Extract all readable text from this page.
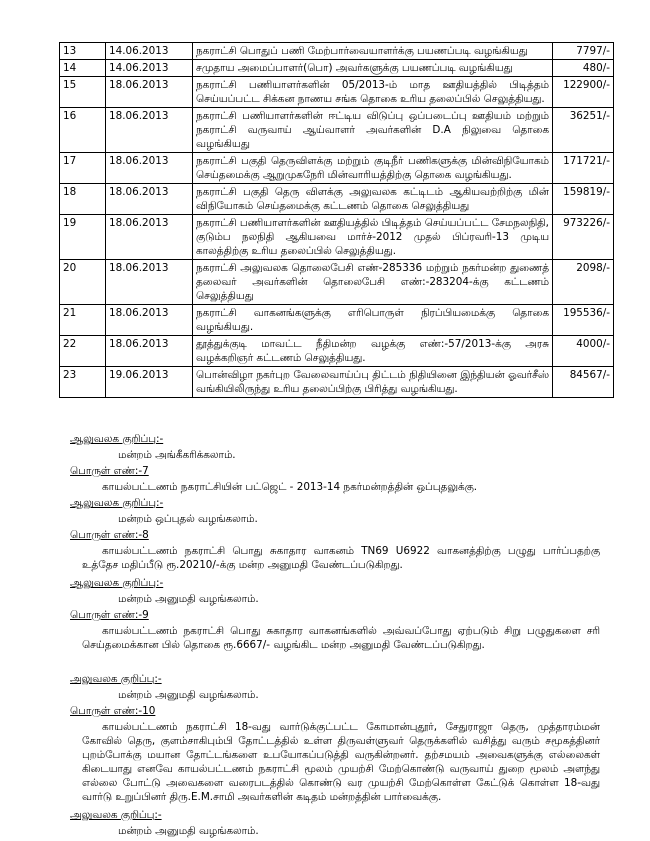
13	14.06.2013	நகராட்சி பொதுப் பணி மேற்பார்வையாளர்க்கு பயணப்படி வழங்கியது	7797/-
14	14.06.2013	சமுதாய அமைப்பாளர்(பொ) அவர்களுக்கு பயணப்படி வழங்கியது	480/-
15	18.06.2013	நகராட்சி பணியாளர்களின் 05/2013-ம் மாத ஊதியத்தில் பிடித்தம் செய்யப்பட்ட சிக்கன நாணய சங்க தொகை உரிய தலைப்பில் செலுத்தியது.	122900/-
16	18.06.2013	நகராட்சி பணியாளர்களின் ஈட்டிய விடுப்பு ஒப்படைப்பு ஊதியம் மற்றும் நகராட்சி வருவாய் ஆய்வாளர் அவர்களின் D.A நிலுவை தொகை வழங்கியது	36251/-
17	18.06.2013	நகராட்சி பகுதி தெருவிளக்கு மற்றும் குடிநீர் பணிகளுக்கு மின்விநியோகம் செய்தமைக்கு ஆறுமுகநேரி மின்வாரியத்திற்கு தொகை வழங்கியது.	171721/-
18	18.06.2013	நகராட்சி பகுதி தெரு விளக்கு அலுவலக கட்டிடம் ஆகியவற்றிற்கு மின் விநியோகம் செய்தமைக்கு கட்டணம் தொகை செலுத்தியது	159819/-
19	18.06.2013	நகராட்சி பணியாளர்களின் ஊதியத்தில் பிடித்தம் செய்யப்பட்ட சேமநலநிதி, குடும்ப நலநிதி ஆகியவை மார்ச்-2012 முதல் பிப்ரவரி-13 முடிய காலத்திற்கு உரிய தலைப்பில் செலுத்தியது.	973226/-
20	18.06.2013	நகராட்சி அலுவலக தொலைபேசி எண்-285336 மற்றும் நகர்மன்ற துணைத் தலைவர் அவர்களின் தொலைபேசி எண்:-283204-க்கு கட்டணம் செலுத்தியது	2098/-
21	18.06.2013	நகராட்சி வாகனங்களுக்கு எரிபொருள் நிரப்பியமைக்கு தொகை வழங்கியது.	195536/-
22	18.06.2013	தூத்துக்குடி மாவட்ட நீதிமன்ற வழக்கு எண்:-57/2013-க்கு அரசு வழக்கறிஞர் கட்டணம் செலுத்தியது.	4000/-
23	19.06.2013	பொன்விழா நகர்புற வேலைவாய்ப்பு திட்டம் நிதியினை இந்தியன் ஓவர்சீஸ் வங்கியிலிருந்து உரிய தலைப்பிற்கு பிரித்து வழங்கியது.	84567/-
ஆலுவலக குறிப்பு:-
மன்றம் அங்கீகரிக்கலாம்.
பொருள் எண்:-7
காயல்பட்டணம் நகராட்சியின் பட்ஜெட் - 2013-14 நகர்மன்றத்தின் ஒப்புதலுக்கு.
ஆலுவலக குறிப்பு:-
மன்றம் ஒப்புதல் வழங்கலாம்.
பொருள் எண்:-8
காயல்பட்டணம் நகராட்சி பொது சுகாதார வாகனம் TN69 U6922 வாகனத்திற்கு பழுது பார்ப்பதற்கு உத்தேச மதிப்பீடு ரூ.20210/-க்கு மன்ற அனுமதி வேண்டப்படுகிறது.
ஆலுவலக குறிப்பு:-
மன்றம் அனுமதி வழங்கலாம்.
பொருள் எண்:-9
காயல்பட்டணம் நகராட்சி பொது சுகாதார வாகனங்களில் அவ்வப்போது ஏற்படும் சிறு பழுதுகளை சரி செய்தமைக்கான பில் தொகை ரூ.6667/- வழங்கிட மன்ற அனுமதி வேண்டப்படுகிறது.
அலுவலக குறிப்பு:-
மன்றம் அனுமதி வழங்கலாம்.
பொருள் எண்:-10
காயல்பட்டணம் நகராட்சி 18-வது வார்டுக்குட்பட்ட கோமான்புதூர், சேதுராஜா தெரு, முத்தாரம்மன் கோவில் தெரு, குளம்சாகிபும்பி தோட்டத்தில் உள்ள திருவள்ளுவர் தெருக்களில் வசித்து வரும் சமூகத்தினர் புறம்போக்கு மயான தோட்டங்களை உபயோகப்படுத்தி வருகின்றனர். தற்சமயம் அவைகளுக்கு எல்லைகள் கிடையாது எனவே காயல்பட்டணம் நகராட்சி மூலம் முயற்சி மேற்கொண்டு வருவாய் துறை மூலம் அளந்து எல்லை போட்டு அவைகளை வரைபடத்தில் கொண்டு வர முயற்சி மேற்கொள்ள கேட்டுக் கொள்ள 18-வது வார்டு உறுப்பினர் திரு.E.M.சாமி அவர்களின் கடிதம் மன்றத்தின் பார்வைக்கு.
அலுவலக குறிப்பு:-
மன்றம் அனுமதி வழங்கலாம்.
